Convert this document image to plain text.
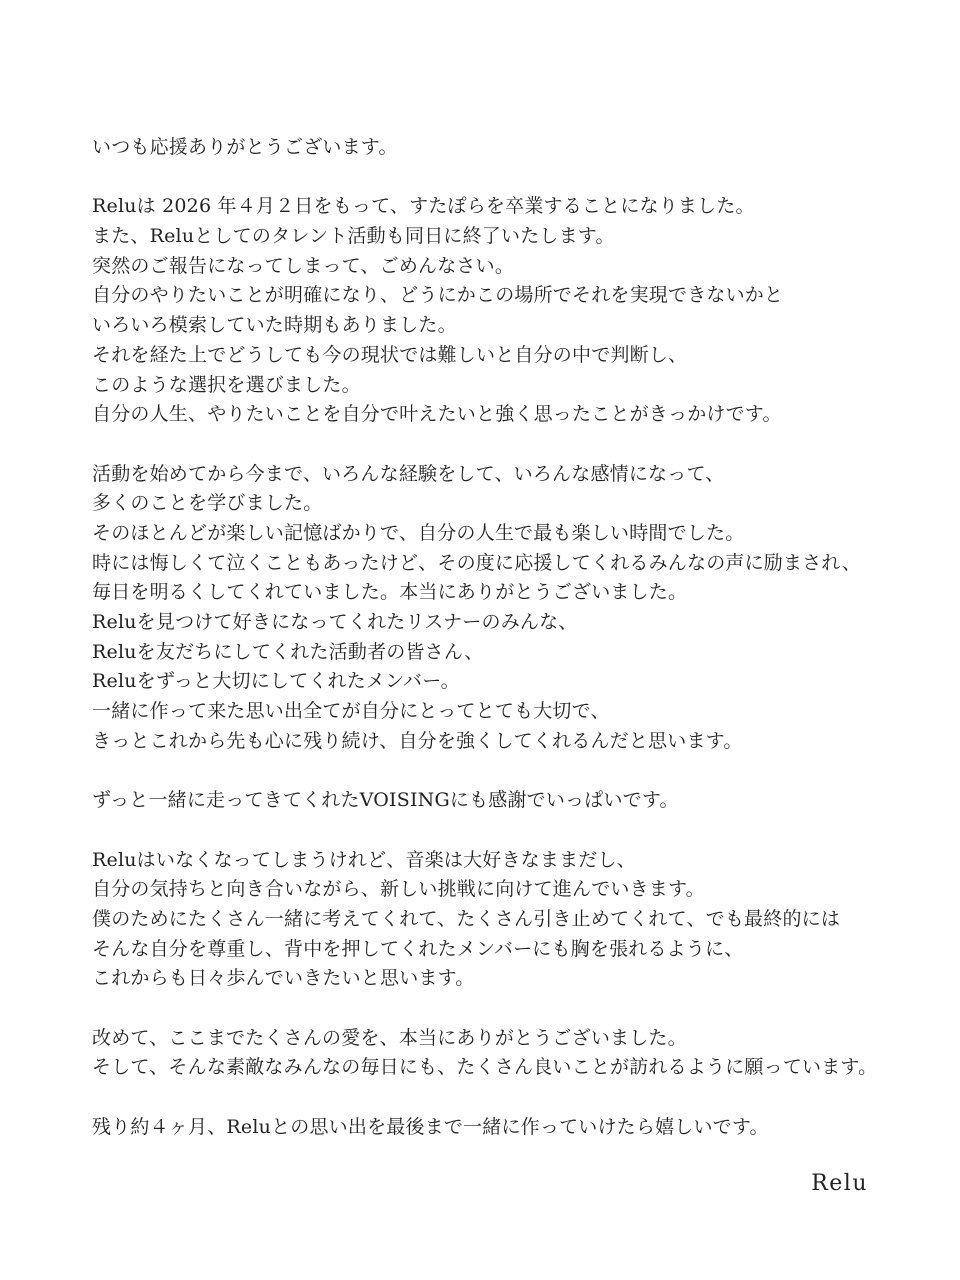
いつも応援ありがとうございます。

Reluは 2026 年４月２日をもって、すたぽらを卒業することになりました。
また、Reluとしてのタレント活動も同日に終了いたします。
突然のご報告になってしまって、ごめんなさい。
自分のやりたいことが明確になり、どうにかこの場所でそれを実現できないかと
いろいろ模索していた時期もありました。
それを経た上でどうしても今の現状では難しいと自分の中で判断し、
このような選択を選びました。
自分の人生、やりたいことを自分で叶えたいと強く思ったことがきっかけです。

活動を始めてから今まで、いろんな経験をして、いろんな感情になって、
多くのことを学びました。
そのほとんどが楽しい記憶ばかりで、自分の人生で最も楽しい時間でした。
時には悔しくて泣くこともあったけど、その度に応援してくれるみんなの声に励まされ、
毎日を明るくしてくれていました。本当にありがとうございました。
Reluを見つけて好きになってくれたリスナーのみんな、
Reluを友だちにしてくれた活動者の皆さん、
Reluをずっと大切にしてくれたメンバー。
一緒に作って来た思い出全てが自分にとってとても大切で、
きっとこれから先も心に残り続け、自分を強くしてくれるんだと思います。

ずっと一緒に走ってきてくれたVOISINGにも感謝でいっぱいです。

Reluはいなくなってしまうけれど、音楽は大好きなままだし、
自分の気持ちと向き合いながら、新しい挑戦に向けて進んでいきます。
僕のためにたくさん一緒に考えてくれて、たくさん引き止めてくれて、でも最終的には
そんな自分を尊重し、背中を押してくれたメンバーにも胸を張れるように、
これからも日々歩んでいきたいと思います。

改めて、ここまでたくさんの愛を、本当にありがとうございました。
そして、そんな素敵なみんなの毎日にも、たくさん良いことが訪れるように願っています。

残り約４ヶ月、Reluとの思い出を最後まで一緒に作っていけたら嬉しいです。

Relu
